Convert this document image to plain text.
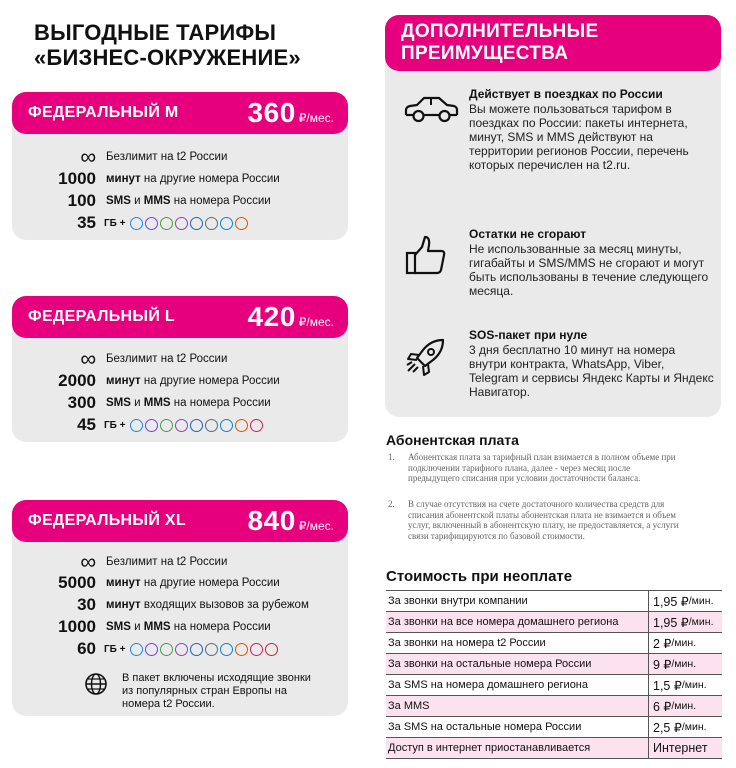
ВЫГОДНЫЕ ТАРИФЫ
«БИЗНЕС-ОКРУЖЕНИЕ»
ФЕДЕРАЛЬНЫЙ M 360 ₽/мес.
∞ Безлимит на t2 России
1000 минут на другие номера России
100 SMS и MMS на номера России
35 ГБ +
ФЕДЕРАЛЬНЫЙ L	420 ₽/мес.
∞ Безлимит на t2 России
2000 минут на другие номера России
300 SMS и MMS на номера России
45 ГБ +
ФЕДЕРАЛЬНЫЙ XL 840 ₽/мес.
∞ Безлимит на t2 России
5000 минут на другие номера России
30 минут входящих вызовов за рубежом
1000 SMS и MMS на номера России
60 ГБ +
В пакет включены исходящие звонки из популярных стран Европы на номера t2 России.
ДОПОЛНИТЕЛЬНЫЕ
ПРЕИМУЩЕСТВА
Действует в поездках по России
Вы можете пользоваться тарифом в поездках по России: пакеты интернета, минут, SMS и MMS действуют на территории регионов России, перечень которых перечислен на t2.ru.
Остатки не сгорают
Не использованные за месяц минуты, гигабайты и SMS/MMS не сгорают и могут быть использованы в течение следующего месяца.
SOS-пакет при нуле
3 дня бесплатно 10 минут на номера внутри контракта, WhatsApp, Viber, Telegram и сервисы Яндекс Карты и Яндекс Навигатор.
Абонентская плата
1.	Абонентская плата за тарифный план взимается в полном объеме при подключении тарифного плана, далее - через месяц после предыдущего списания при условии достаточности баланса.
2.	В случае отсутствия на счете достаточного количества средств для списания абонентской платы абонентская плата не взимается и объем услуг, включенный в абонентскую плату, не предоставляется, а услуги связи тарифицируются по базовой стоимости.
Стоимость при неоплате
За звонки внутри компании	1,95 ₽ /мин.
За звонки на все номера домашнего региона	1,95 ₽ /мин.
За звонки на номера t2 России	2 ₽ /мин.
За звонки на остальные номера России	9 ₽ /мин.
За SMS на номера домашнего региона	1,5 ₽ /мин.
За MMS	6 ₽ /мин.
За SMS на остальные номера России	2,5 ₽ /мин.
Доступ в интернет приостанавливается	Интернет
